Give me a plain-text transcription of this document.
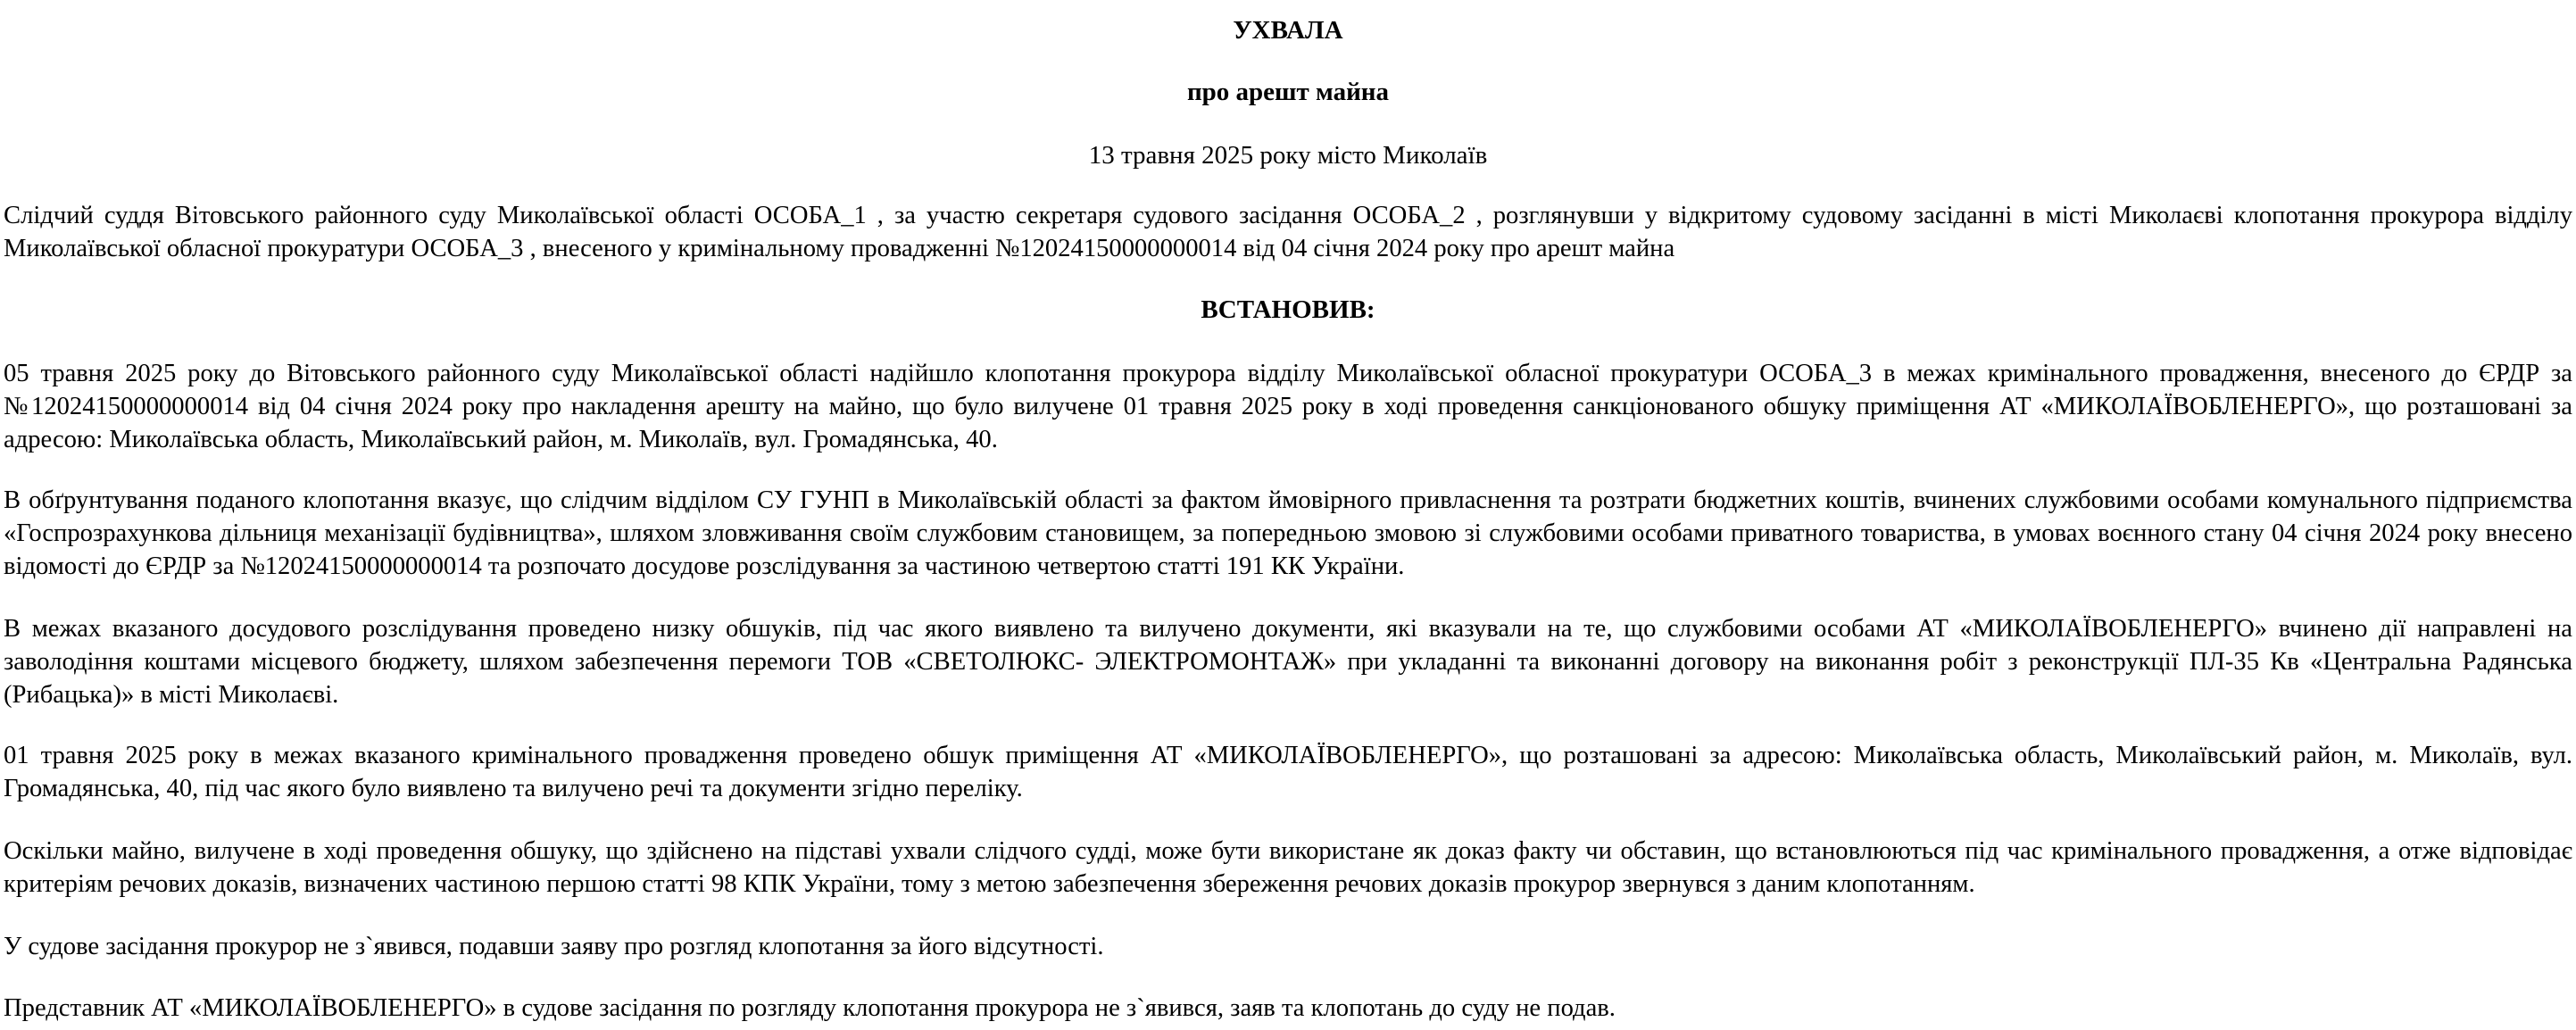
УХВАЛА
про арешт майна

13 травня 2025 року місто Миколаїв

Слідчий суддя Вітовського районного суду Миколаївської області ОСОБА_1 , за участю секретаря судового засідання ОСОБА_2 , розглянувши у відкритому судовому засіданні в місті Миколаєві клопотання прокурора відділу Миколаївської обласної прокуратури ОСОБА_3 , внесеного у кримінальному провадженні №12024150000000014 від 04 січня 2024 року про арешт майна

ВСТАНОВИВ:

05 травня 2025 року до Вітовського районного суду Миколаївської області надійшло клопотання прокурора відділу Миколаївської обласної прокуратури ОСОБА_3 в межах кримінального провадження, внесеного до ЄРДР за №12024150000000014 від 04 січня 2024 року про накладення арешту на майно, що було вилучене 01 травня 2025 року в ході проведення санкціонованого обшуку приміщення АТ «МИКОЛАЇВОБЛЕНЕРГО», що розташовані за адресою: Миколаївська область, Миколаївський район, м. Миколаїв, вул. Громадянська, 40.

В обґрунтування поданого клопотання вказує, що слідчим відділом СУ ГУНП в Миколаївській області за фактом ймовірного привласнення та розтрати бюджетних коштів, вчинених службовими особами комунального підприємства «Госпрозрахункова дільниця механізації будівництва», шляхом зловживання своїм службовим становищем, за попередньою змовою зі службовими особами приватного товариства, в умовах воєнного стану 04 січня 2024 року внесено відомості до ЄРДР за №12024150000000014 та розпочато досудове розслідування за частиною четвертою статті 191 КК України.

В межах вказаного досудового розслідування проведено низку обшуків, під час якого виявлено та вилучено документи, які вказували на те, що службовими особами АТ «МИКОЛАЇВОБЛЕНЕРГО» вчинено дії направлені на заволодіння коштами місцевого бюджету, шляхом забезпечення перемоги ТОВ «СВЕТОЛЮКС- ЭЛЕКТРОМОНТАЖ» при укладанні та виконанні договору на виконання робіт з реконструкції ПЛ-35 Кв «Центральна Радянська (Рибацька)» в місті Миколаєві.

01 травня 2025 року в межах вказаного кримінального провадження проведено обшук приміщення АТ «МИКОЛАЇВОБЛЕНЕРГО», що розташовані за адресою: Миколаївська область, Миколаївський район, м. Миколаїв, вул. Громадянська, 40, під час якого було виявлено та вилучено речі та документи згідно переліку.

Оскільки майно, вилучене в ході проведення обшуку, що здійснено на підставі ухвали слідчого судді, може бути використане як доказ факту чи обставин, що встановлюються під час кримінального провадження, а отже відповідає критеріям речових доказів, визначених частиною першою статті 98 КПК України, тому з метою забезпечення збереження речових доказів прокурор звернувся з даним клопотанням.

У судове засідання прокурор не з`явився, подавши заяву про розгляд клопотання за його відсутності.

Представник АТ «МИКОЛАЇВОБЛЕНЕРГО» в судове засідання по розгляду клопотання прокурора не з`явився, заяв та клопотань до суду не подав.
